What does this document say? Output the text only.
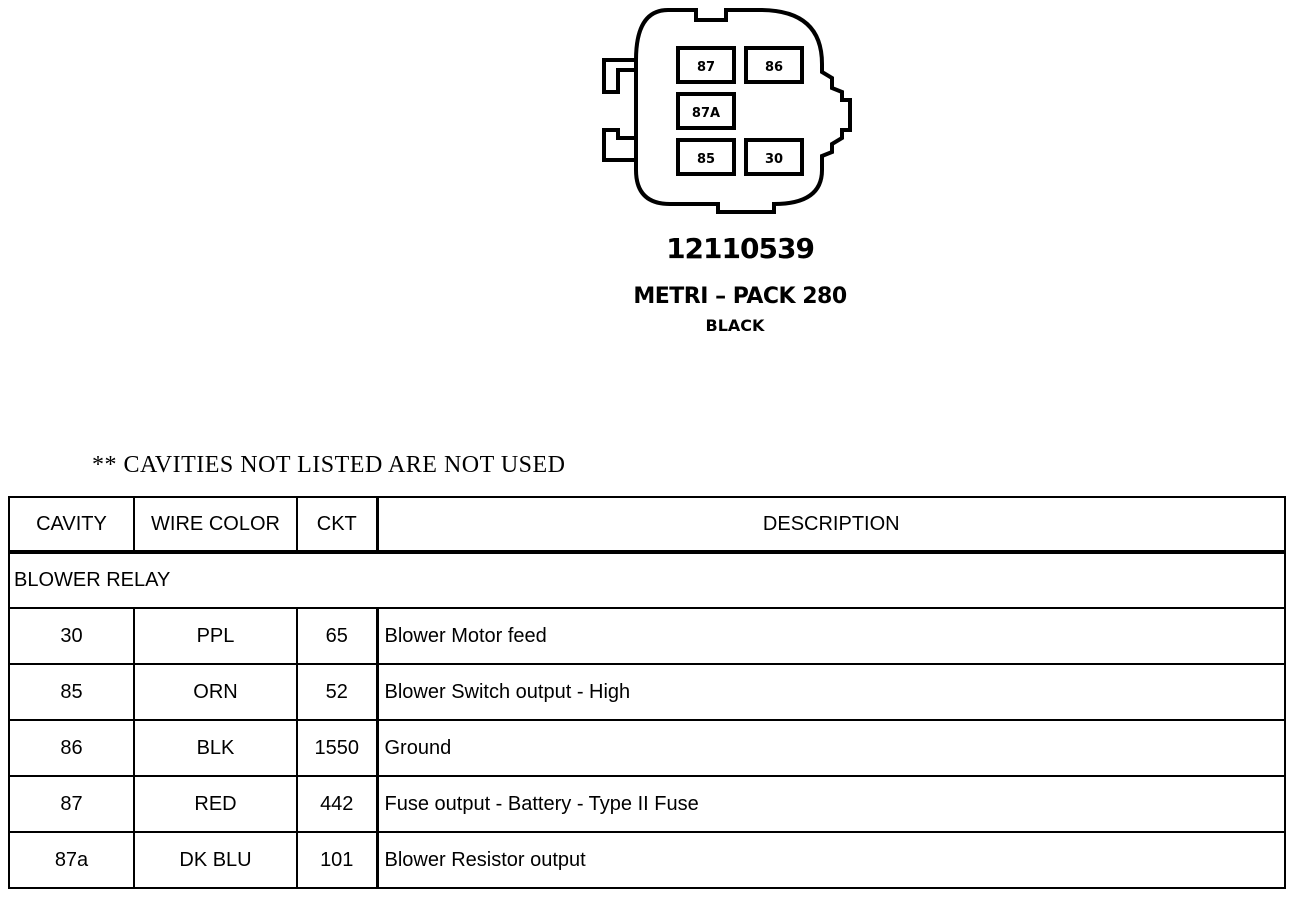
87	86
87A
85	30
12110539
METRI – PACK 280
BLACK
** CAVITIES NOT LISTED ARE NOT USED
CAVITY	WIRE COLOR	CKT	DESCRIPTION
BLOWER RELAY			
30	PPL	65	Blower Motor feed
85	ORN	52	Blower Switch output - High
86	BLK	1550	Ground
87	RED	442	Fuse output - Battery - Type II Fuse
87a	DK BLU	101	Blower Resistor output
